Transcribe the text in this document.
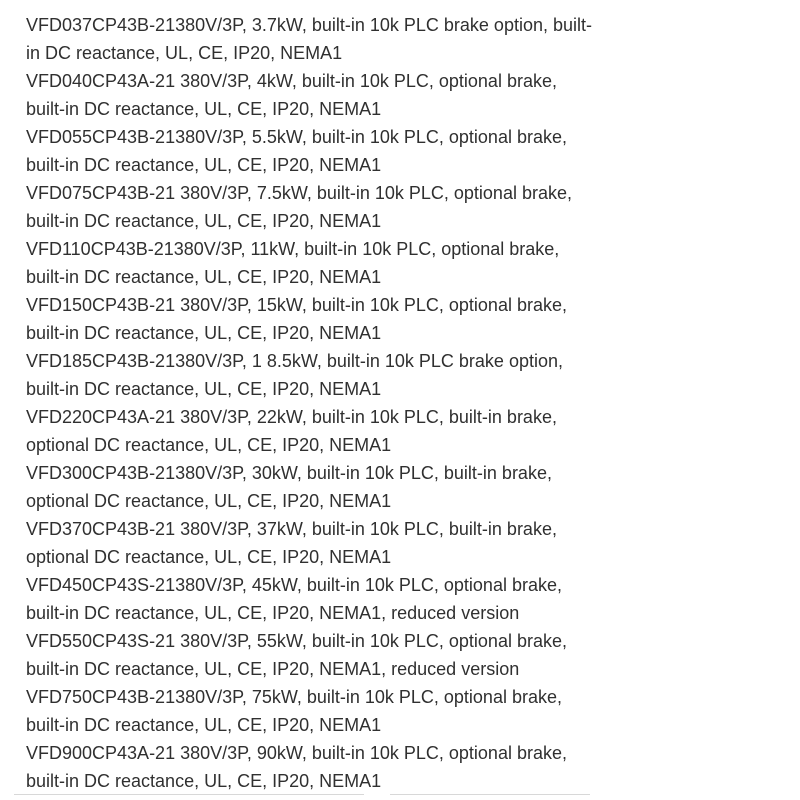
VFD037CP43B-21380V/3P, 3.7kW, built-in 10k PLC brake option, built-
in DC reactance, UL, CE, IP20, NEMA1

VFD040CP43A-21 380V/3P, 4kW, built-in 10k PLC, optional brake,
built-in DC reactance, UL, CE, IP20, NEMA1

VFD055CP43B-21380V/3P, 5.5kW, built-in 10k PLC, optional brake,
built-in DC reactance, UL, CE, IP20, NEMA1

VFD075CP43B-21 380V/3P, 7.5kW, built-in 10k PLC, optional brake,
built-in DC reactance, UL, CE, IP20, NEMA1

VFD110CP43B-21380V/3P, 11kW, built-in 10k PLC, optional brake,
built-in DC reactance, UL, CE, IP20, NEMA1

VFD150CP43B-21 380V/3P, 15kW, built-in 10k PLC, optional brake,
built-in DC reactance, UL, CE, IP20, NEMA1

VFD185CP43B-21380V/3P, 1 8.5kW, built-in 10k PLC brake option,
built-in DC reactance, UL, CE, IP20, NEMA1

VFD220CP43A-21 380V/3P, 22kW, built-in 10k PLC, built-in brake,
optional DC reactance, UL, CE, IP20, NEMA1

VFD300CP43B-21380V/3P, 30kW, built-in 10k PLC, built-in brake,
optional DC reactance, UL, CE, IP20, NEMA1

VFD370CP43B-21 380V/3P, 37kW, built-in 10k PLC, built-in brake,
optional DC reactance, UL, CE, IP20, NEMA1

VFD450CP43S-21380V/3P, 45kW, built-in 10k PLC, optional brake,
built-in DC reactance, UL, CE, IP20, NEMA1, reduced version

VFD550CP43S-21 380V/3P, 55kW, built-in 10k PLC, optional brake,
built-in DC reactance, UL, CE, IP20, NEMA1, reduced version

VFD750CP43B-21380V/3P, 75kW, built-in 10k PLC, optional brake,
built-in DC reactance, UL, CE, IP20, NEMA1

VFD900CP43A-21 380V/3P, 90kW, built-in 10k PLC, optional brake,
built-in DC reactance, UL, CE, IP20, NEMA1
